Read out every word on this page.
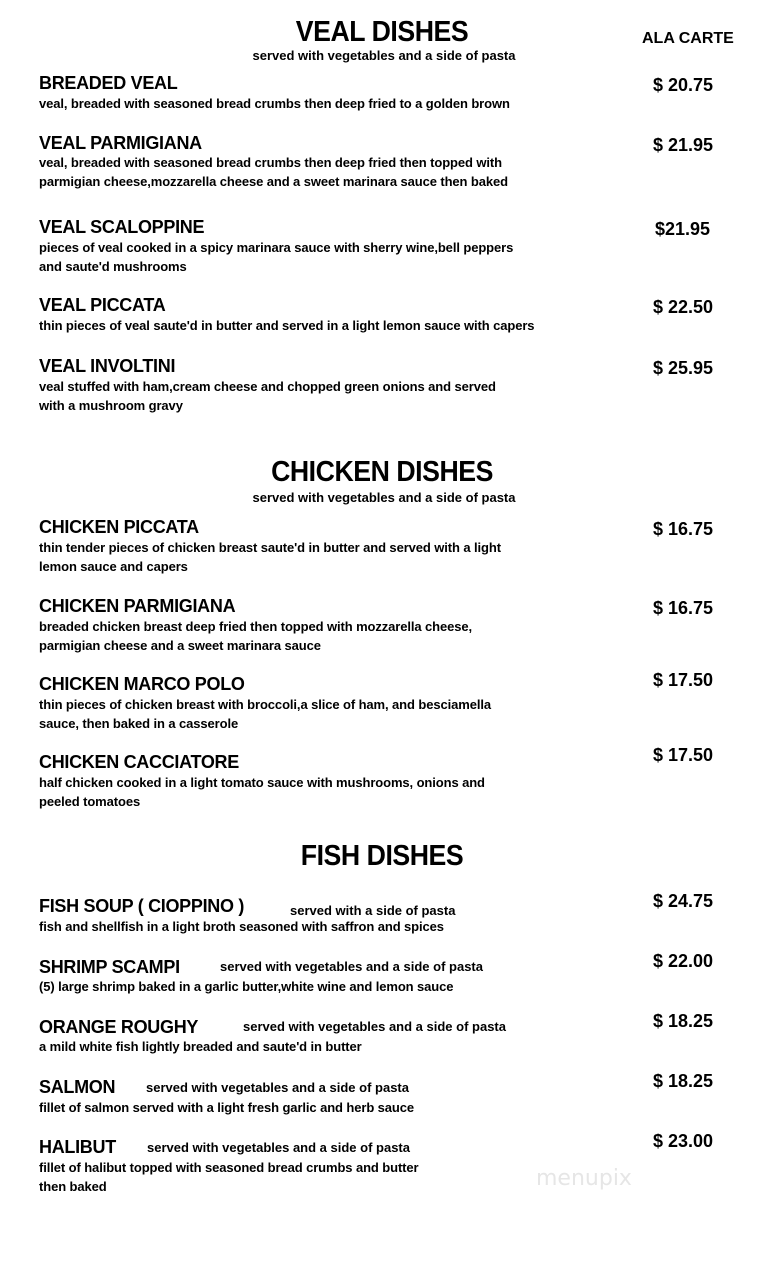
ALA CARTE
VEAL DISHES
served with vegetables and a side of pasta
BREADED VEAL
veal, breaded with seasoned bread crumbs then deep fried to a golden brown
$ 20.75
VEAL PARMIGIANA
veal, breaded with seasoned bread crumbs then deep fried then topped with
parmigian cheese,mozzarella cheese and a sweet marinara sauce then baked
$ 21.95
VEAL SCALOPPINE
pieces of veal cooked in a spicy marinara sauce with sherry wine,bell peppers
and saute'd mushrooms
$21.95
VEAL PICCATA
thin pieces of veal saute'd in butter and served in a light lemon sauce with capers
$ 22.50
VEAL INVOLTINI
veal stuffed with ham,cream cheese and chopped green onions and served
with a mushroom gravy
$ 25.95
CHICKEN DISHES
served with vegetables and a side of pasta
CHICKEN PICCATA
thin tender pieces of chicken breast saute'd in butter and served with a light
lemon sauce and capers
$ 16.75
CHICKEN PARMIGIANA
breaded chicken breast deep fried then topped with mozzarella cheese,
parmigian cheese and a sweet marinara sauce
$ 16.75
CHICKEN MARCO POLO
thin pieces of chicken breast with broccoli,a slice of ham, and besciamella
sauce, then baked in a casserole
$ 17.50
CHICKEN CACCIATORE
half chicken cooked in a light tomato sauce with mushrooms, onions and
peeled tomatoes
$ 17.50
FISH DISHES
FISH SOUP ( CIOPPINO )	served with a side of pasta
fish and shellfish in a light broth seasoned with saffron and spices
$ 24.75
SHRIMP SCAMPI	served with vegetables and a side of pasta
(5) large shrimp baked in a garlic butter,white wine and lemon sauce
$ 22.00
ORANGE ROUGHY	served with vegetables and a side of pasta
a mild white fish lightly breaded and saute'd in butter
$ 18.25
SALMON served with vegetables and a side of pasta
fillet of salmon served with a light fresh garlic and herb sauce
$ 18.25
HALIBUT served with vegetables and a side of pasta
fillet of halibut topped with seasoned bread crumbs and butter
then baked
$ 23.00
menupix
